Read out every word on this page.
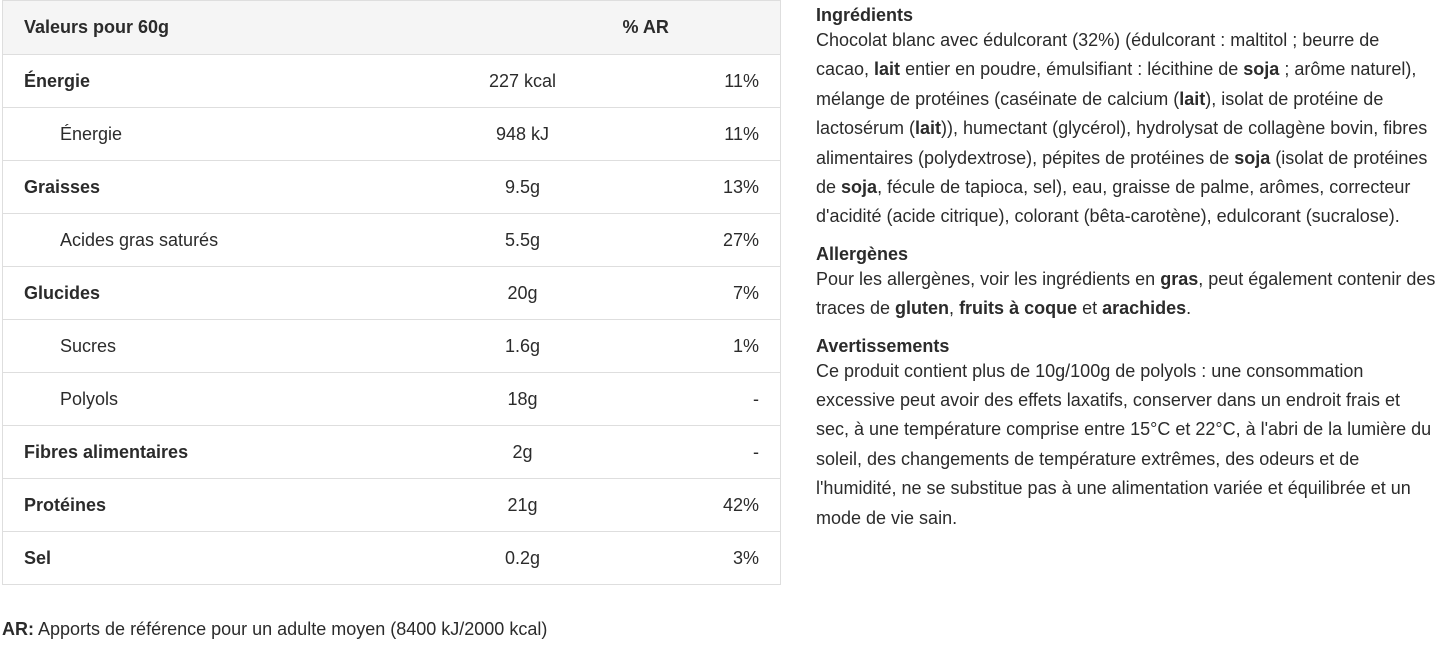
Valeurs pour 60g		% AR
Énergie	227 kcal	11%
Énergie	948 kJ	11%
Graisses	9.5g	13%
Acides gras saturés	5.5g	27%
Glucides	20g	7%
Sucres	1.6g	1%
Polyols	18g	-
Fibres alimentaires	2g	-
Protéines	21g	42%
Sel	0.2g	3%
AR: Apports de référence pour un adulte moyen (8400 kJ/2000 kcal)
Ingrédients

Chocolat blanc avec édulcorant (32%) (édulcorant : maltitol ; beurre de cacao, lait entier en poudre, émulsifiant : lécithine de soja ; arôme naturel), mélange de protéines (caséinate de calcium (lait), isolat de protéine de lactosérum (lait)), humectant (glycérol), hydrolysat de collagène bovin, fibres alimentaires (polydextrose), pépites de protéines de soja (isolat de protéines de soja, fécule de tapioca, sel), eau, graisse de palme, arômes, correcteur d'acidité (acide citrique), colorant (bêta-carotène), edulcorant (sucralose).

Allergènes

Pour les allergènes, voir les ingrédients en gras, peut également contenir des traces de gluten, fruits à coque et arachides.

Avertissements

Ce produit contient plus de 10g/100g de polyols : une consommation excessive peut avoir des effets laxatifs, conserver dans un endroit frais et sec, à une température comprise entre 15°C et 22°C, à l'abri de la lumière du soleil, des changements de température extrêmes, des odeurs et de l'humidité, ne se substitue pas à une alimentation variée et équilibrée et un mode de vie sain.
